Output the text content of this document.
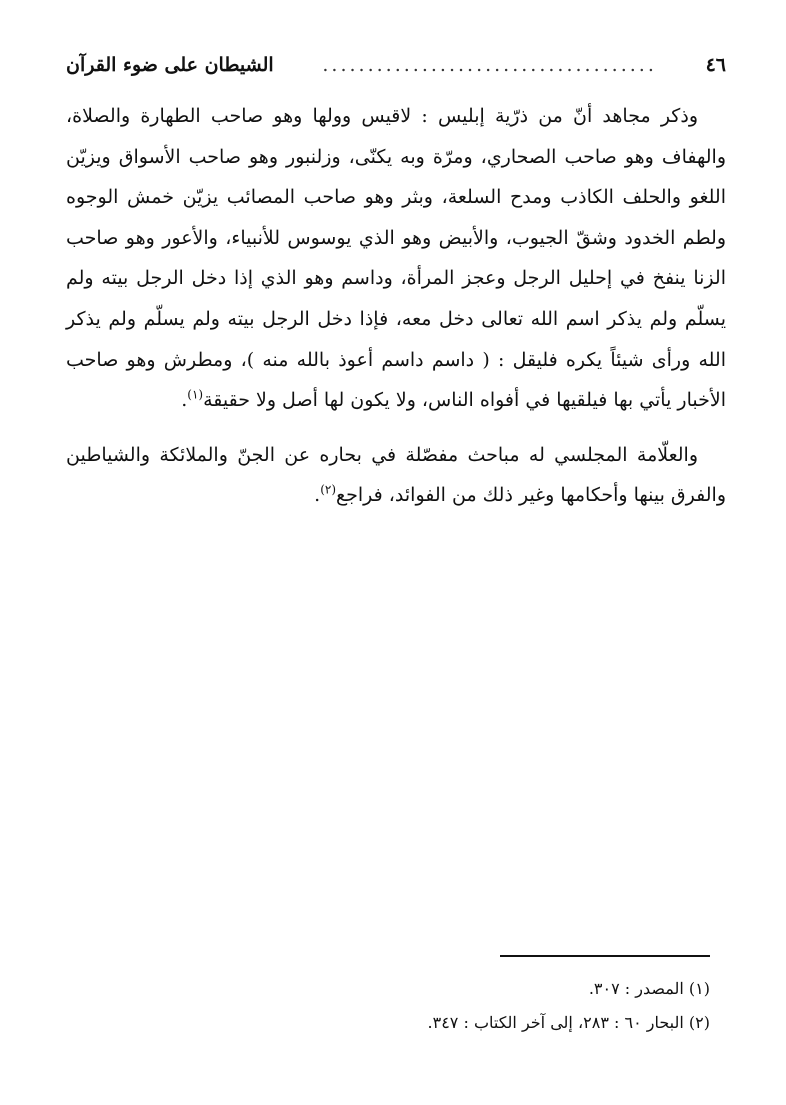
٤٦
.....................................
الشيطان على ضوء القرآن

وذكر مجاهد أنّ من ذرّية إبليس : لاقيس وولها وهو صاحب الطهارة والصلاة، والهفاف وهو صاحب الصحاري، ومرّة وبه يكنّى، وزلنبور وهو صاحب الأسواق ويزيّن اللغو والحلف الكاذب ومدح السلعة، وبثر وهو صاحب المصائب يزيّن خمش الوجوه ولطم الخدود وشقّ الجيوب، والأبيض وهو الذي يوسوس للأنبياء، والأعور وهو صاحب الزنا ينفخ في إحليل الرجل وعجز المرأة، وداسم وهو الذي إذا دخل الرجل بيته ولم يسلّم ولم يذكر اسم الله تعالى دخل معه، فإذا دخل الرجل بيته ولم يسلّم ولم يذكر الله ورأى شيئاً يكره فليقل : ( داسم داسم أعوذ بالله منه )، ومطرش وهو صاحب الأخبار يأتي بها فيلقيها في أفواه الناس، ولا يكون لها أصل ولا حقيقة$^{(١)}$.

والعلّامة المجلسي له مباحث مفصّلة في بحاره عن الجنّ والملائكة والشياطين والفرق بينها وأحكامها وغير ذلك من الفوائد، فراجع$^{(٢)}$.

(١) المصدر : ٣٠٧.

(٢) البحار ٦٠ : ٢٨٣، إلى آخر الكتاب : ٣٤٧.
